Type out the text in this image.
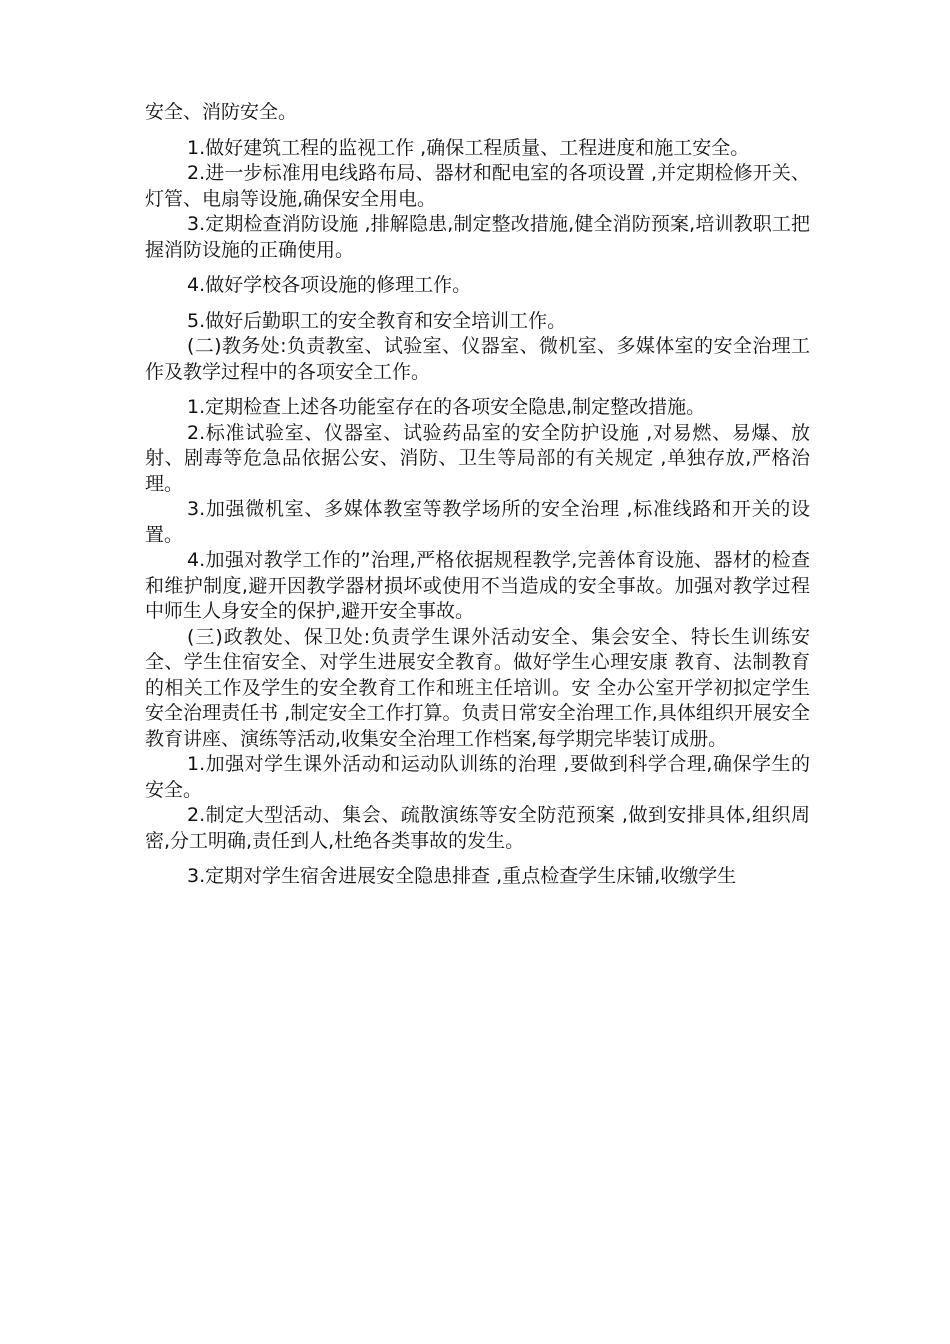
安全、消防安全。

1.做好建筑工程的监视工作 ,确保工程质量、工程进度和施工安全。

2.进一步标准用电线路布局、器材和配电室的各项设置 ,并定期检修开关、灯管、电扇等设施,确保安全用电。

3.定期检查消防设施 ,排解隐患,制定整改措施,健全消防预案,培训教职工把握消防设施的正确使用。

4.做好学校各项设施的修理工作。

5.做好后勤职工的安全教育和安全培训工作。

(二)教务处:负责教室、试验室、仪器室、微机室、多媒体室的安全治理工作及教学过程中的各项安全工作。

1.定期检查上述各功能室存在的各项安全隐患,制定整改措施。

2.标准试验室、仪器室、试验药品室的安全防护设施 ,对易燃、易爆、放射、剧毒等危急品依据公安、消防、卫生等局部的有关规定 ,单独存放,严格治理。

3.加强微机室、多媒体教室等教学场所的安全治理 ,标准线路和开关的设置。

4.加强对教学工作的”治理,严格依据规程教学,完善体育设施、器材的检查和维护制度,避开因教学器材损坏或使用不当造成的安全事故。加强对教学过程中师生人身安全的保护,避开安全事故。

(三)政教处、保卫处:负责学生课外活动安全、集会安全、特长生训练安全、学生住宿安全、对学生进展安全教育。做好学生心理安康 教育、法制教育的相关工作及学生的安全教育工作和班主任培训。安 全办公室开学初拟定学生安全治理责任书 ,制定安全工作打算。负责日常安全治理工作,具体组织开展安全教育讲座、演练等活动,收集安全治理工作档案,每学期完毕装订成册。

1.加强对学生课外活动和运动队训练的治理 ,要做到科学合理,确保学生的安全。

2.制定大型活动、集会、疏散演练等安全防范预案 ,做到安排具体,组织周密,分工明确,责任到人,杜绝各类事故的发生。

3.定期对学生宿舍进展安全隐患排查 ,重点检查学生床铺,收缴学生
